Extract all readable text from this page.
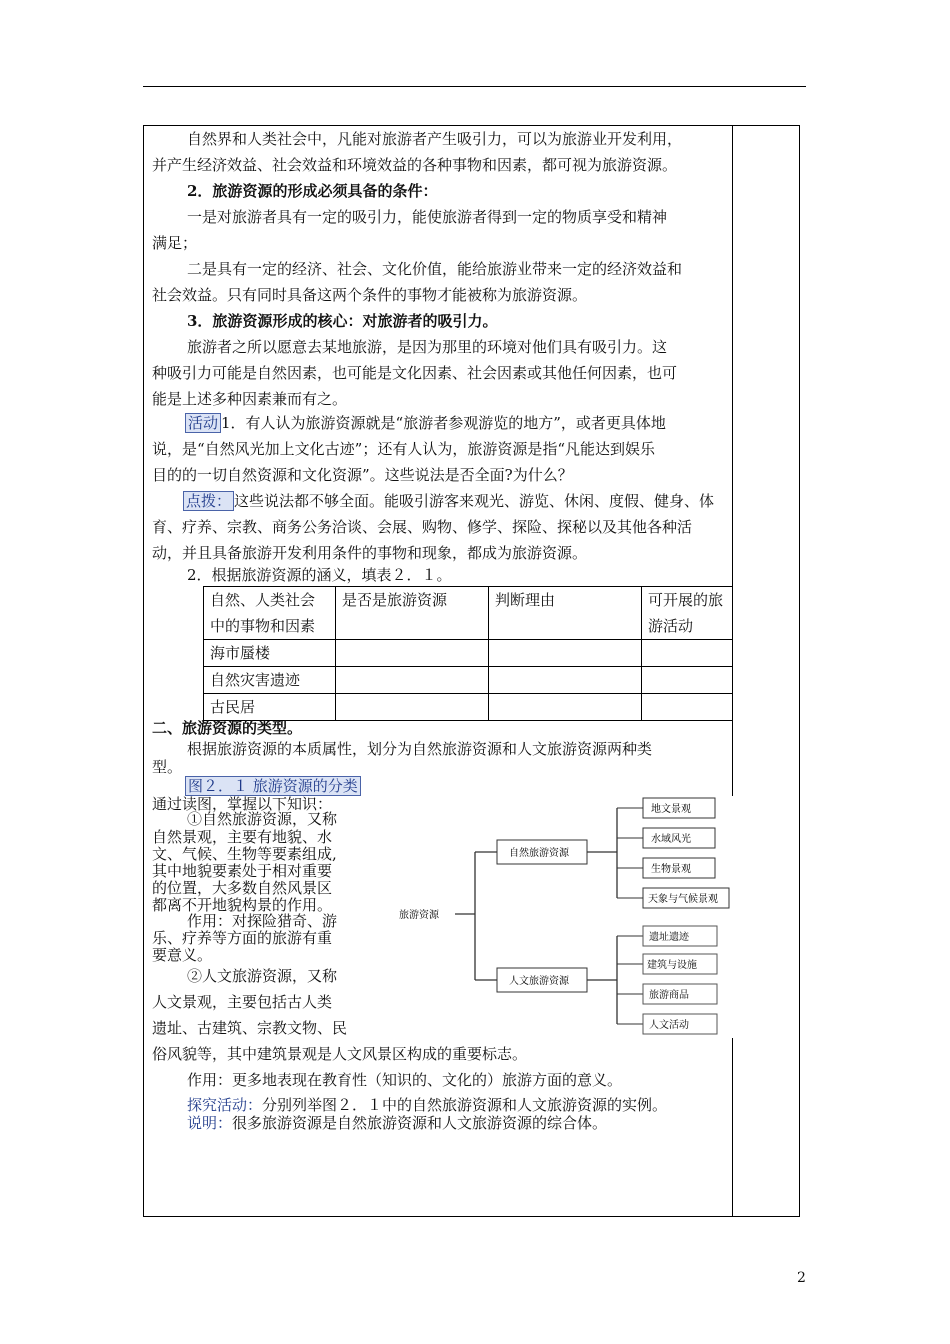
自然界和人类社会中，凡能对旅游者产生吸引力，可以为旅游业开发利用，
并产生经济效益、社会效益和环境效益的各种事物和因素，都可视为旅游资源。
2．旅游资源的形成必须具备的条件：
一是对旅游者具有一定的吸引力，能使旅游者得到一定的物质享受和精神
满足；
二是具有一定的经济、社会、文化价值，能给旅游业带来一定的经济效益和
社会效益。只有同时具备这两个条件的事物才能被称为旅游资源。
3．旅游资源形成的核心：对旅游者的吸引力。
旅游者之所以愿意去某地旅游，是因为那里的环境对他们具有吸引力。这
种吸引力可能是自然因素，也可能是文化因素、社会因素或其他任何因素，也可
能是上述多种因素兼而有之。
活动 1．有人认为旅游资源就是“旅游者参观游览的地方”，或者更具体地
说，是“自然风光加上文化古迹”；还有人认为，旅游资源是指“凡能达到娱乐
目的的一切自然资源和文化资源”。这些说法是否全面?为什么？
点拨： 这些说法都不够全面。能吸引游客来观光、游览、休闲、度假、健身、体
育、疗养、宗教、商务公务洽谈、会展、购物、修学、探险、探秘以及其他各种活
动，并且具备旅游开发利用条件的事物和现象，都成为旅游资源。
2．根据旅游资源的涵义，填表２．１。
自然、人类社会中的事物和因素	是否是旅游资源	判断理由	可开展的旅游活动
海市蜃楼			
自然灾害遗迹			
古民居			
二、旅游资源的类型。
根据旅游资源的本质属性，划分为自然旅游资源和人文旅游资源两种类
型。
图２．１ 旅游资源的分类
通过读图，掌握以下知识：
①自然旅游资源，又称
自然景观，主要有地貌、水
文、气候、生物等要素组成,
其中地貌要素处于相对重要
的位置，大多数自然风景区
都离不开地貌构景的作用。
作用：对探险猎奇、游
乐、疗养等方面的旅游有重
要意义。
②人文旅游资源，又称
人文景观，主要包括古人类
遗址、古建筑、宗教文物、民
俗风貌等，其中建筑景观是人文风景区构成的重要标志。
作用：更多地表现在教育性（知识的、文化的）旅游方面的意义。
探究活动：分别列举图２．１中的自然旅游资源和人文旅游资源的实例。
说明：很多旅游资源是自然旅游资源和人文旅游资源的综合体。
旅游资源
自然旅游资源
人文旅游资源
地文景观
水域风光
生物景观
天象与气候景观
遗址遗迹
建筑与设施
旅游商品
人文活动
2
